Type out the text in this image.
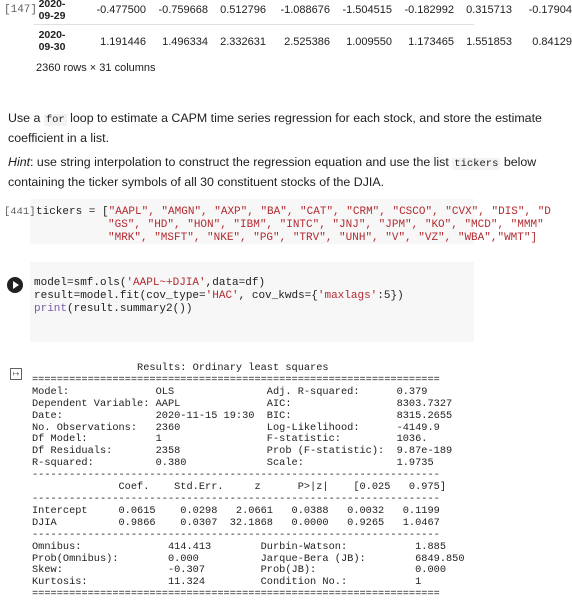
[147] 2020-
09-29	-0.477500	-0.759668	0.512796	-1.088676	-1.504515	-0.182992	0.315713	-0.17904
2020-
09-30	1.191446	1.496334	2.332631	2.525386	1.009550	1.173465	1.551853	0.84129
2360 rows × 31 columns
Use a for loop to estimate a CAPM time series regression for each stock, and store the estimate
coefficient in a list.
Hint: use string interpolation to construct the regression equation and use the list tickers below
containing the ticker symbols of all 30 constituent stocks of the DJIA.
[441] tickers = ["AAPL", "AMGN", "AXP", "BA", "CAT", "CRM", "CSCO", "CVX", "DIS", "D
"GS", "HD", "HON", "IBM", "INTC", "JNJ", "JPM", "KO", "MCD", "MMM"
"MRK", "MSFT", "NKE", "PG", "TRV", "UNH", "V", "VZ", "WBA","WMT"]
model=smf.ols('AAPL~+DJIA',data=df)
result=model.fit(cov_type='HAC', cov_kwds={'maxlags':5})
print(result.summary2())
↦	Results: Ordinary least squares
==================================================================
Model:              OLS               Adj. R-squared:      0.379
Dependent Variable: AAPL              AIC:                 8303.7327
Date:               2020-11-15 19:30  BIC:                 8315.2655
No. Observations:   2360              Log-Likelihood:      -4149.9
Df Model:           1                 F-statistic:         1036.
Df Residuals:       2358              Prob (F-statistic):  9.87e-189
R-squared:          0.380             Scale:               1.9735
------------------------------------------------------------------
Coef.    Std.Err.     z      P>|z|    [0.025   0.975]
------------------------------------------------------------------
Intercept     0.0615    0.0298   2.0661   0.0388   0.0032   0.1199
DJIA          0.9866    0.0307  32.1868   0.0000   0.9265   1.0467
------------------------------------------------------------------
Omnibus:              414.413        Durbin-Watson:           1.885
Prob(Omnibus):        0.000          Jarque-Bera (JB):        6849.850
Skew:                 -0.307         Prob(JB):                0.000
Kurtosis:             11.324         Condition No.:           1
==================================================================
